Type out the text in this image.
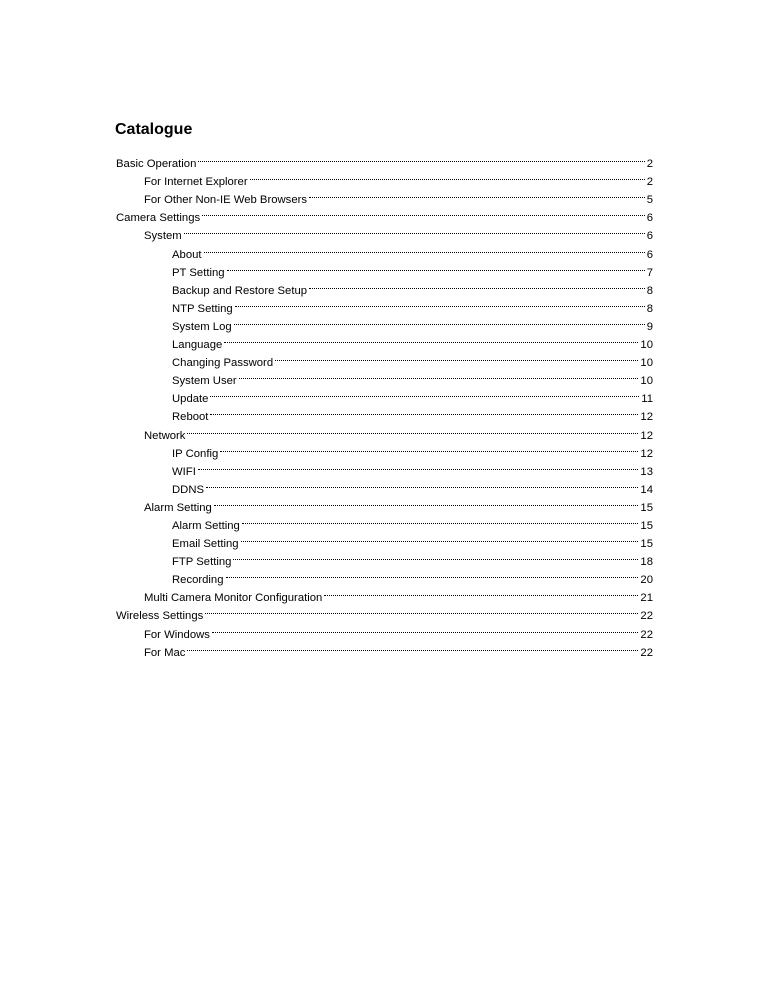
Catalogue
Basic Operation	2
For Internet Explorer	2
For Other Non-IE Web Browsers	5
Camera Settings	6
System	6
About	6
PT Setting	7
Backup and Restore Setup	8
NTP Setting	8
System Log	9
Language	10
Changing Password	10
System User	10
Update	11
Reboot	12
Network	12
IP Config	12
WIFI	13
DDNS	14
Alarm Setting	15
Alarm Setting	15
Email Setting	15
FTP Setting	18
Recording	20
Multi Camera Monitor Configuration	21
Wireless Settings	22
For Windows	22
For Mac	22
